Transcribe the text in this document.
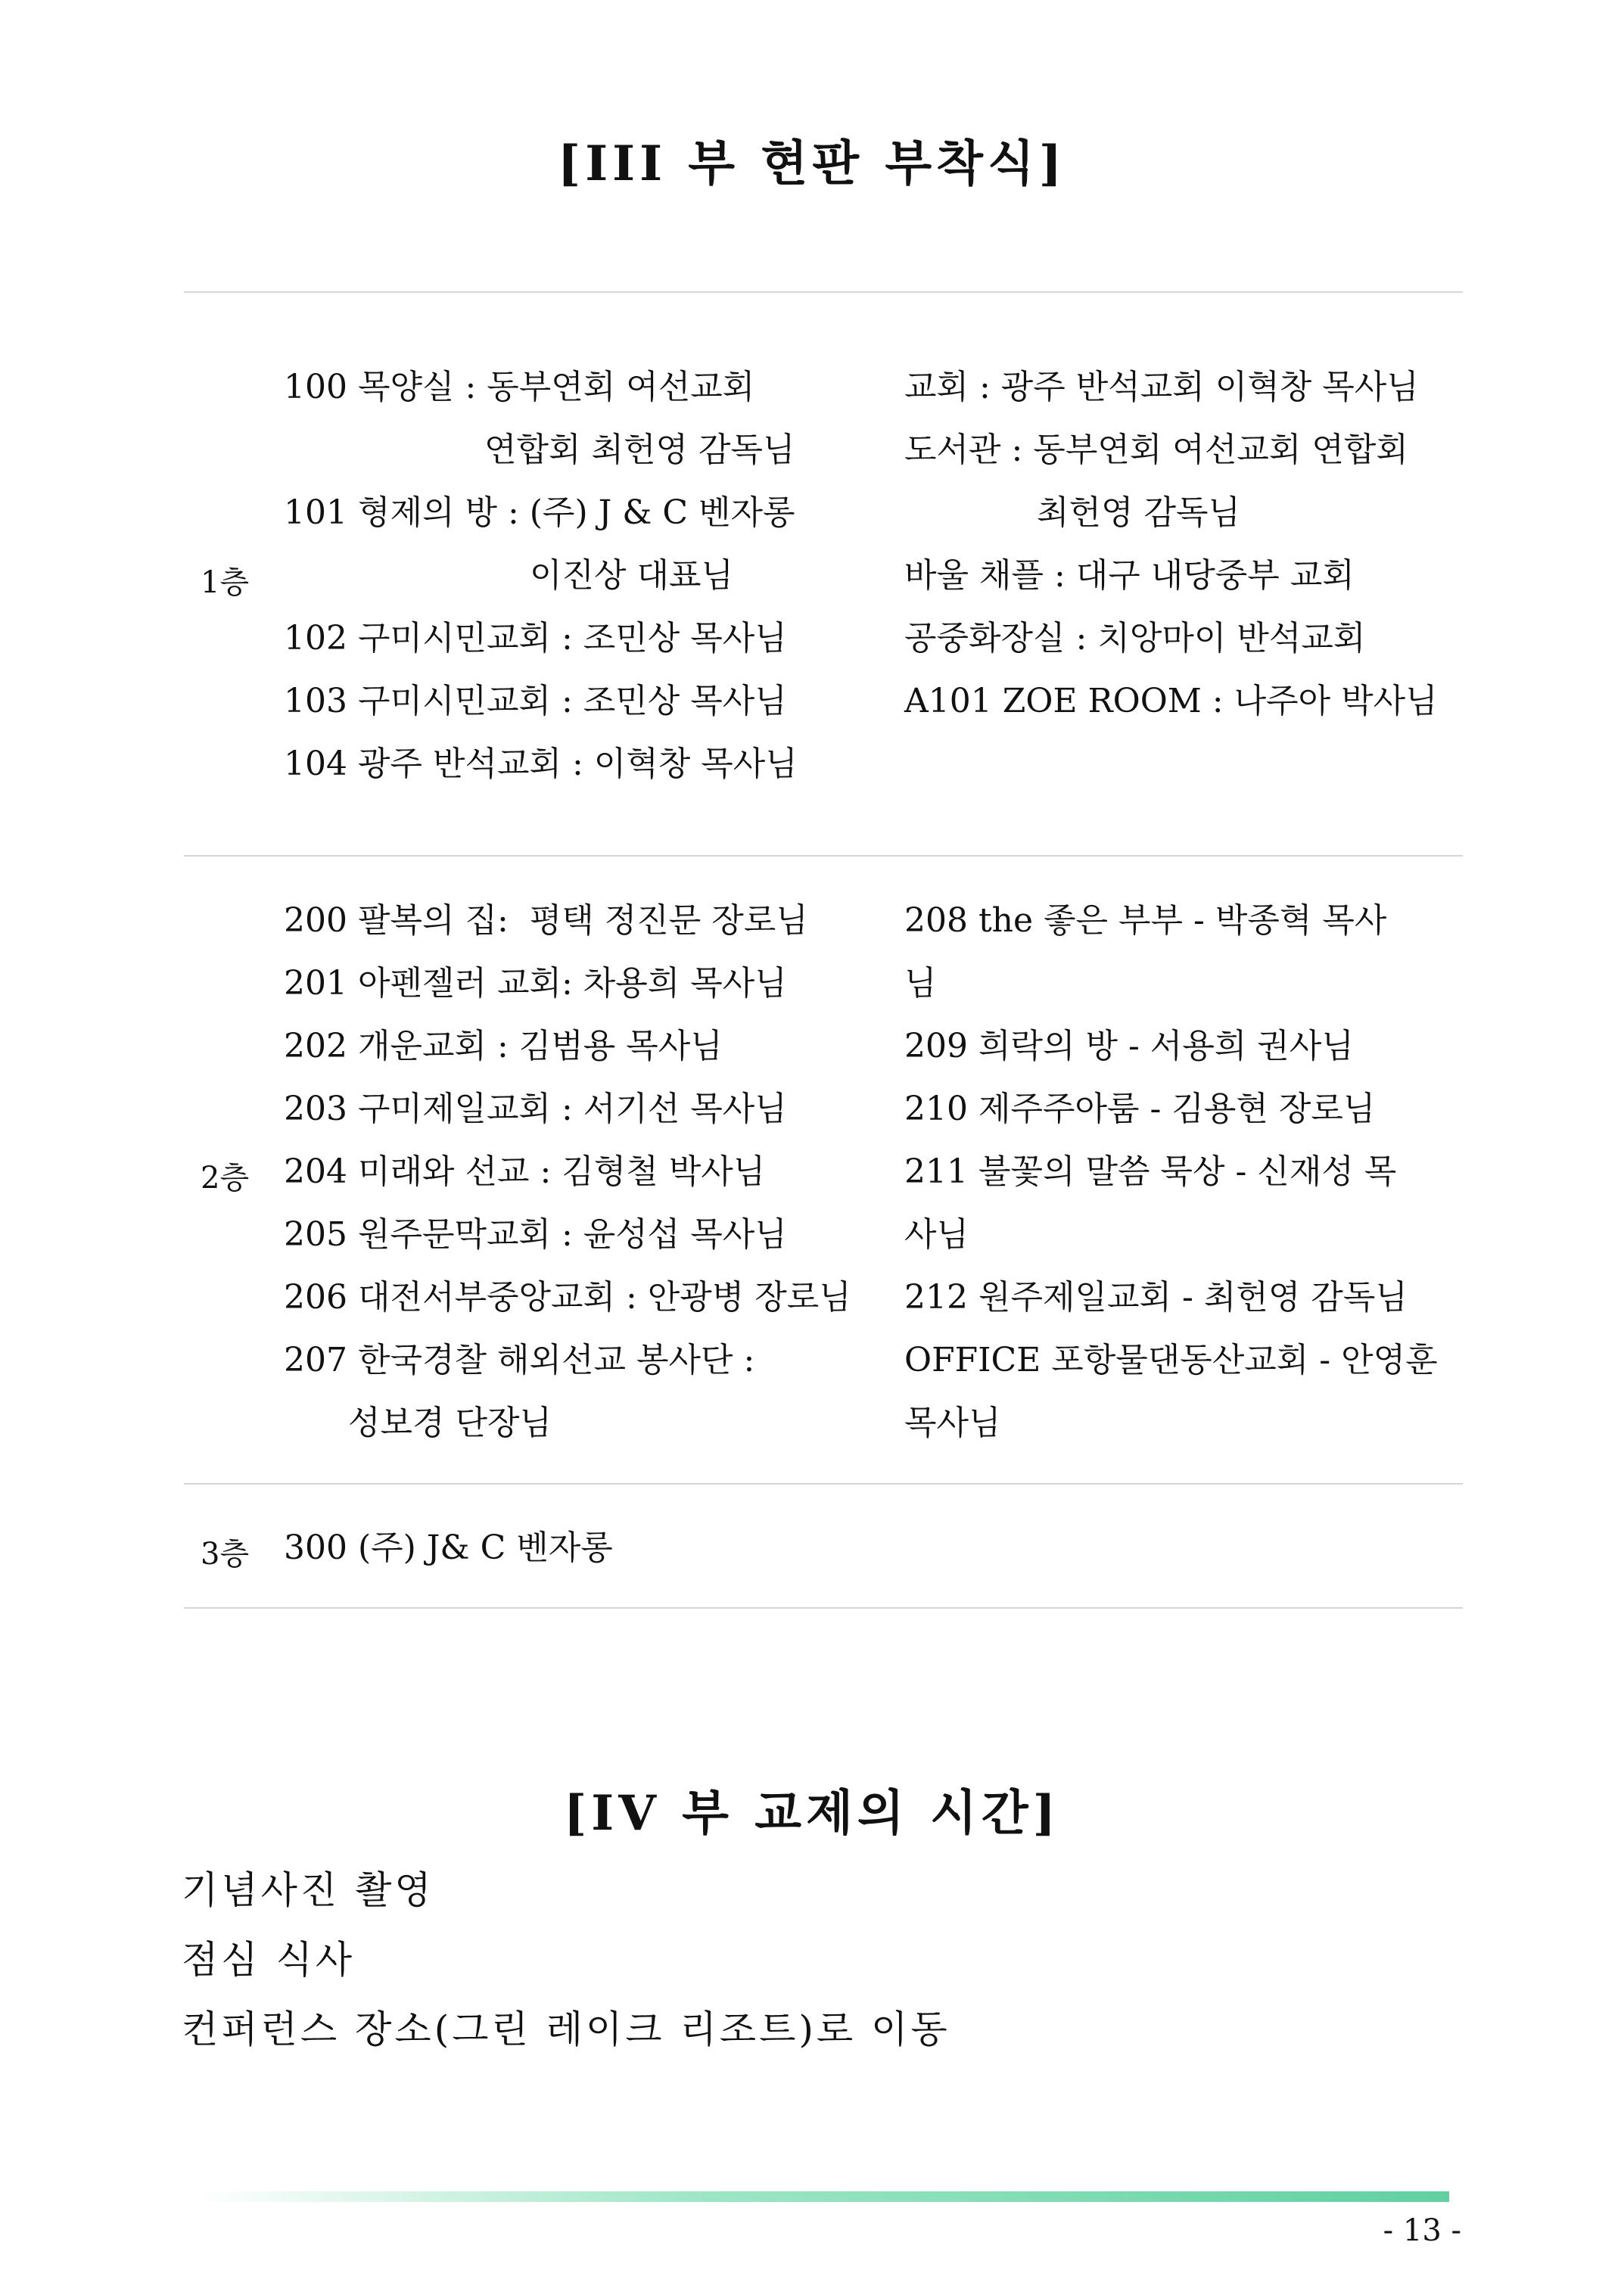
[III 부 현판 부착식]
1층
100 목양실 : 동부연회 여선교회
연합회 최헌영 감독님
101 형제의 방 : (주) J & C 벤자롱
이진상 대표님
102 구미시민교회 : 조민상 목사님
103 구미시민교회 : 조민상 목사님
104 광주 반석교회 : 이혁창 목사님
교회 : 광주 반석교회 이혁창 목사님
도서관 : 동부연회 여선교회 연합회
최헌영 감독님
바울 채플 : 대구 내당중부 교회
공중화장실 : 치앙마이 반석교회
A101 ZOE ROOM : 나주아 박사님
2층
200 팔복의 집:  평택 정진문 장로님
201 아펜젤러 교회: 차용희 목사님
202 개운교회 : 김범용 목사님
203 구미제일교회 : 서기선 목사님
204 미래와 선교 : 김형철 박사님
205 원주문막교회 : 윤성섭 목사님
206 대전서부중앙교회 : 안광병 장로님
207 한국경찰 해외선교 봉사단 :
성보경 단장님
208 the 좋은 부부 - 박종혁 목사
님
209 희락의 방 - 서용희 권사님
210 제주주아룸 - 김용현 장로님
211 불꽃의 말씀 묵상 - 신재성 목
사님
212 원주제일교회 - 최헌영 감독님
OFFICE 포항물댄동산교회 - 안영훈
목사님
3층 300 (주) J& C 벤자롱
[IV 부 교제의 시간]
기념사진 촬영
점심 식사
컨퍼런스 장소(그린 레이크 리조트)로 이동
- 13 -
